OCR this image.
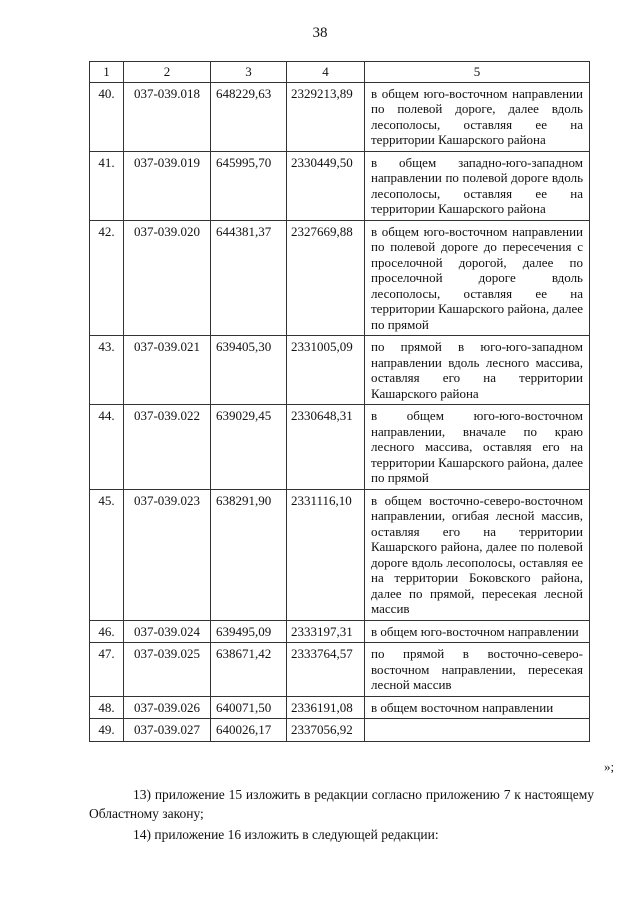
38
1	2	3	4	5
40.	037-039.018	648229,63	2329213,89	в общем юго-восточном направлении по полевой дороге, далее вдоль лесополосы, оставляя ее на территории Кашарского района
41.	037-039.019	645995,70	2330449,50	в общем западно-юго-западном направлении по полевой дороге вдоль лесополосы, оставляя ее на территории Кашарского района
42.	037-039.020	644381,37	2327669,88	в общем юго-восточном направлении по полевой дороге до пересечения с проселочной дорогой, далее по проселочной дороге вдоль лесополосы, оставляя ее на территории Кашарского района, далее по прямой
43.	037-039.021	639405,30	2331005,09	по прямой в юго-юго-западном направлении вдоль лесного массива, оставляя его на территории Кашарского района
44.	037-039.022	639029,45	2330648,31	в общем юго-юго-восточном направлении, вначале по краю лесного массива, оставляя его на территории Кашарского района, далее по прямой
45.	037-039.023	638291,90	2331116,10	в общем восточно-северо-восточном направлении, огибая лесной массив, оставляя его на территории Кашарского района, далее по полевой дороге вдоль лесополосы, оставляя ее на территории Боковского района, далее по прямой, пересекая лесной массив
46.	037-039.024	639495,09	2333197,31	в общем юго-восточном направлении
47.	037-039.025	638671,42	2333764,57	по прямой в восточно-северо-восточном направлении, пересекая лесной массив
48.	037-039.026	640071,50	2336191,08	в общем восточном направлении
49.	037-039.027	640026,17	2337056,92	
»;
13) приложение 15 изложить в редакции согласно приложению 7 к настоящему Областному закону;
14) приложение 16 изложить в следующей редакции:
